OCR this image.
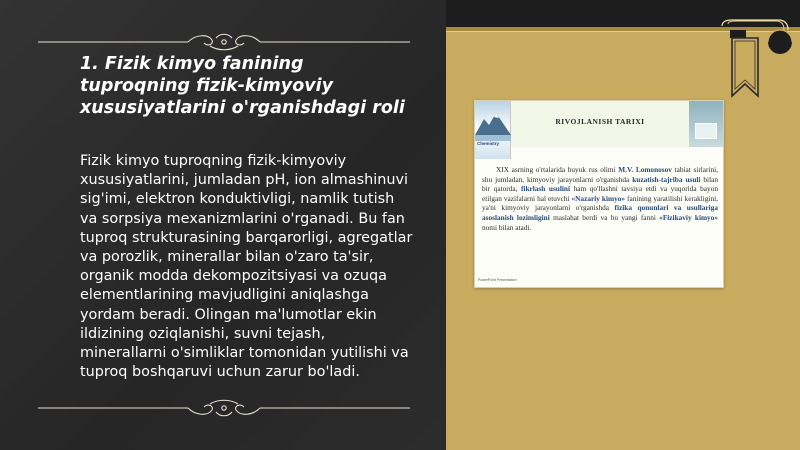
1. Fizik kimyo fanining tuproqning fizik-kimyoviy xususiyatlarini o'rganishdagi roli
Fizik kimyo tuproqning fizik-kimyoviy xususiyatlarini, jumladan pH, ion almashinuvi sig'imi, elektron konduktivligi, namlik tutish va sorpsiya mexanizmlarini o'rganadi. Bu fan tuproq strukturasining barqarorligi, agregatlar va porozlik, minerallar bilan o'zaro ta'sir, organik modda dekompozitsiyasi va ozuqa elementlarining mavjudligini aniqlashga yordam beradi. Olingan ma'lumotlar ekin ildizining oziqlanishi, suvni tejash, minerallarni o'simliklar tomonidan yutilishi va tuproq boshqaruvi uchun zarur bo'ladi.
Chemistry
RIVOJLANISH TARIXI
XIX asrning o'rtalarida buyuk rus olimi M.V. Lomonosov tabiat sirlarini, shu jumladan, kimyoviy jarayonlarni o'rganishda kuzatish-tajriba usuli bilan bir qatorda, fikrlash usulini ham qo'llashni tavsiya etdi va yuqorida bayon etilgan vazifalarni hal etuvchi «Nazariy kimyo» fanining yaratilishi kerakligini, ya'ni kimyoviy jarayonlarni o'rganishda fizika qonunlari va usullariga asoslanish lozimligini maslahat berdi va bu yangi fanni «Fizikaviy kimyo» nomi bilan atadi.
PowerPoint Presentation
